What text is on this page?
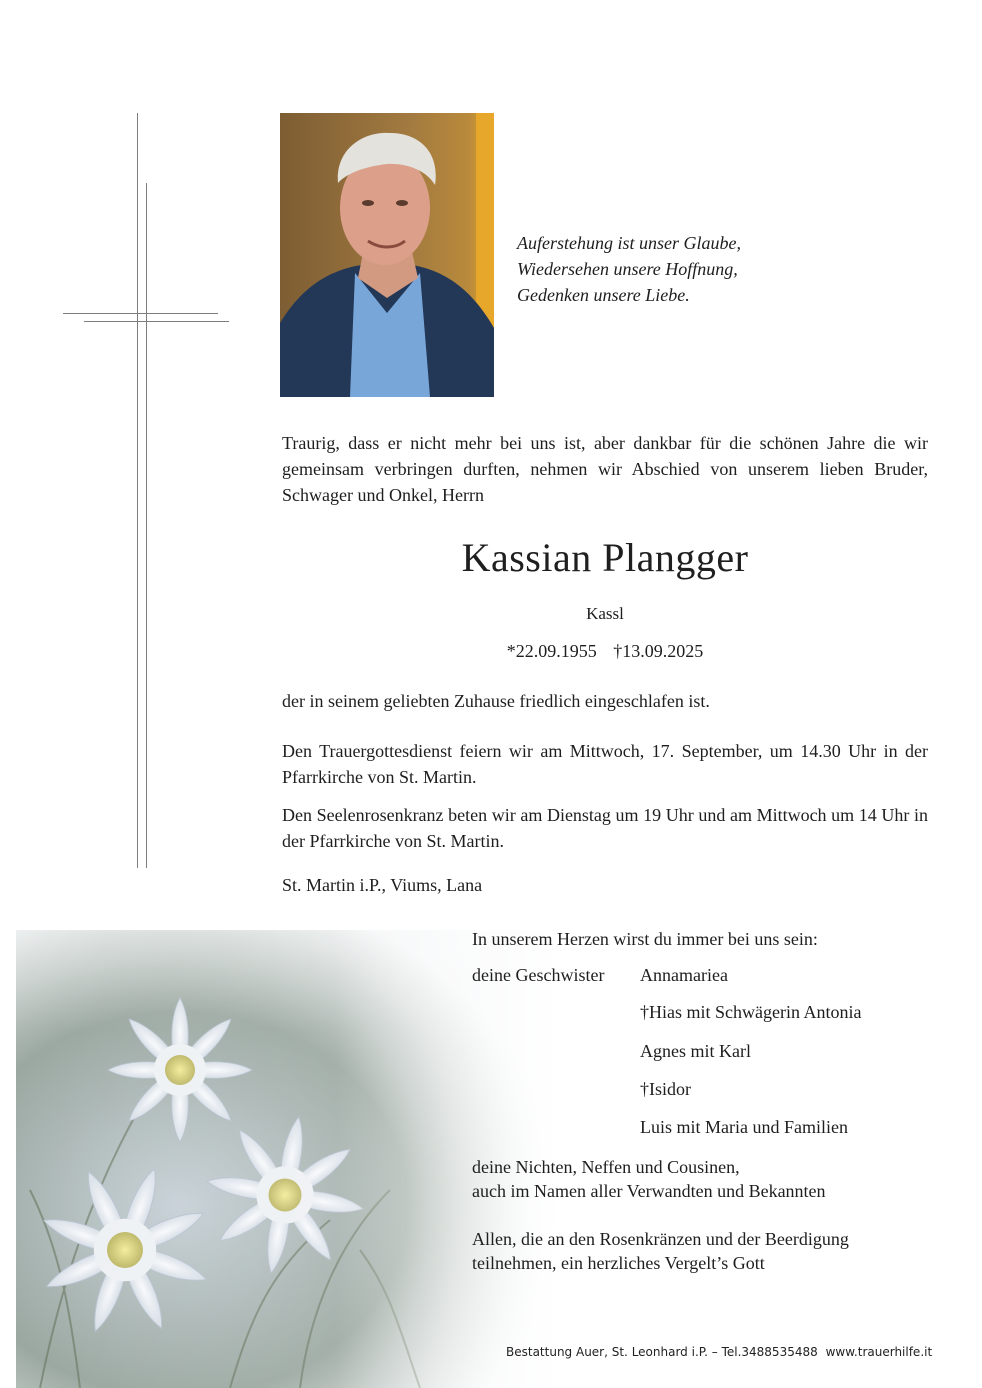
Auferstehung ist unser Glaube,
Wiedersehen unsere Hoffnung,
Gedenken unsere Liebe.
Traurig, dass er nicht mehr bei uns ist, aber dankbar für die schönen Jahre die wir gemeinsam verbringen durften, nehmen wir Abschied von unserem lieben Bruder, Schwager und Onkel, Herrn
Kassian Plangger
Kassl
*22.09.1955   †13.09.2025
der in seinem geliebten Zuhause friedlich eingeschlafen ist.
Den Trauergottesdienst feiern wir am Mittwoch, 17. September, um 14.30 Uhr in der Pfarrkirche von St. Martin.
Den Seelenrosenkranz beten wir am Dienstag um 19 Uhr und am Mittwoch um 14 Uhr in der Pfarrkirche von St. Martin.
St. Martin i.P., Viums, Lana
In unserem Herzen wirst du immer bei uns sein:
deine Geschwister Annamariea
†Hias mit Schwägerin Antonia
Agnes mit Karl
†Isidor
Luis mit Maria und Familien
deine Nichten, Neffen und Cousinen,
auch im Namen aller Verwandten und Bekannten
Allen, die an den Rosenkränzen und der Beerdigung
teilnehmen, ein herzliches Vergelt’s Gott
Bestattung Auer, St. Leonhard i.P. – Tel.3488535488 www.trauerhilfe.it
